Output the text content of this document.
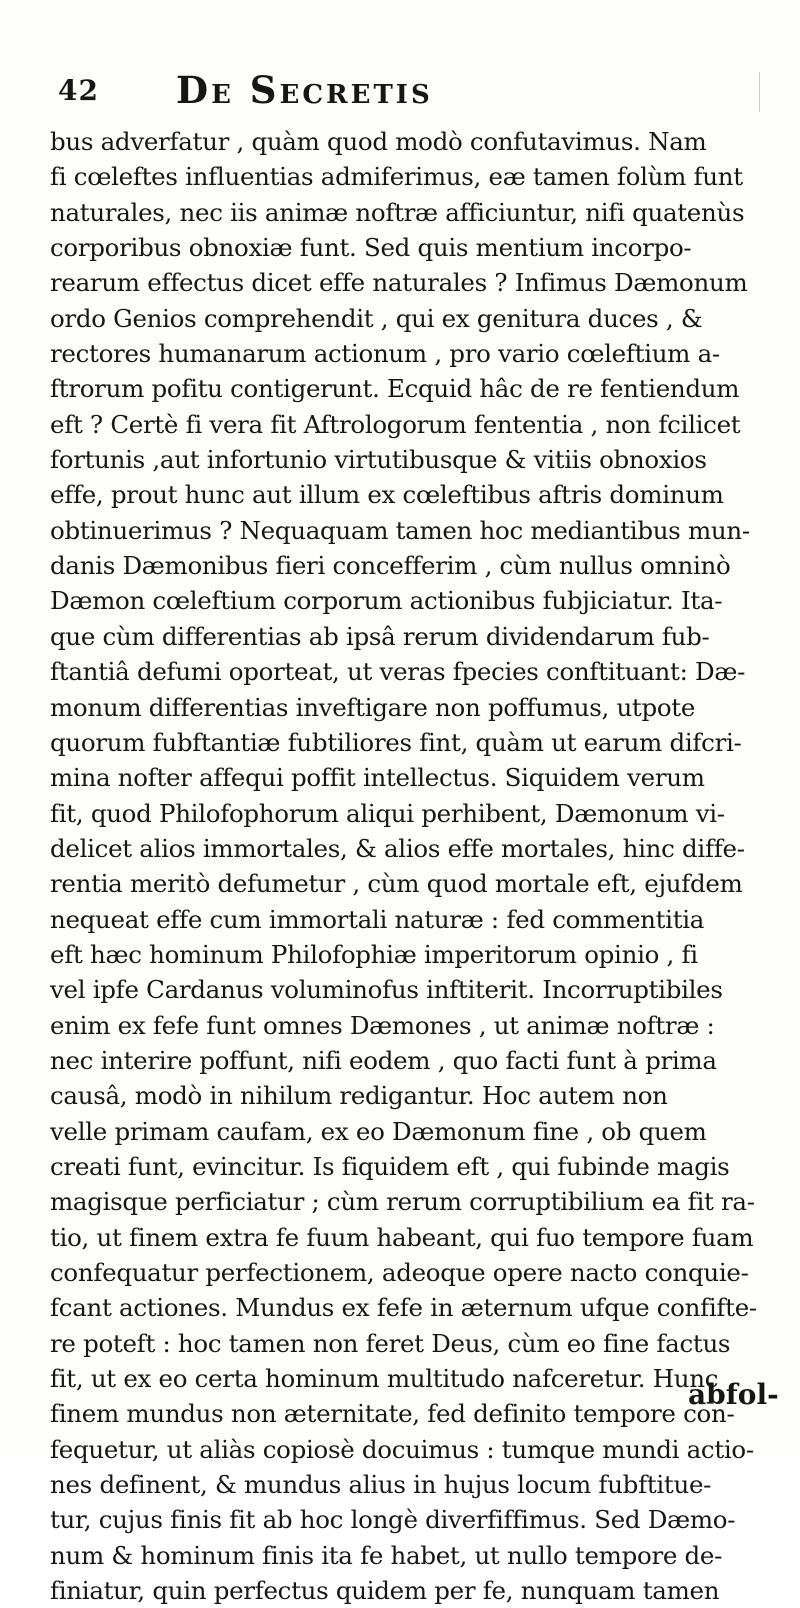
42 De Secretis
bus adverfatur , quàm quod modò confutavimus. Nam
fi cœleftes influentias admiferimus, eæ tamen folùm funt
naturales, nec iis animæ noftræ afficiuntur, nifi quatenùs
corporibus obnoxiæ funt. Sed quis mentium incorpo-
rearum effectus dicet effe naturales ? Infimus Dæmonum
ordo Genios comprehendit , qui ex genitura duces , &
rectores humanarum actionum , pro vario cœleftium a-
ftrorum pofitu contigerunt. Ecquid hâc de re fentiendum
eft ? Certè fi vera fit Aftrologorum fententia , non fcilicet
fortunis ,aut infortunio virtutibusque & vitiis obnoxios
effe, prout hunc aut illum ex cœleftibus aftris dominum
obtinuerimus ? Nequaquam tamen hoc mediantibus mun-
danis Dæmonibus fieri concefferim , cùm nullus omninò
Dæmon cœleftium corporum actionibus fubjiciatur. Ita-
que cùm differentias ab ipsâ rerum dividendarum fub-
ftantiâ defumi oporteat, ut veras fpecies conftituant: Dæ-
monum differentias inveftigare non poffumus, utpote
quorum fubftantiæ fubtiliores fint, quàm ut earum difcri-
mina nofter affequi poffit intellectus. Siquidem verum
fit, quod Philofophorum aliqui perhibent, Dæmonum vi-
delicet alios immortales, & alios effe mortales, hinc diffe-
rentia meritò defumetur , cùm quod mortale eft, ejufdem
nequeat effe cum immortali naturæ : fed commentitia
eft hæc hominum Philofophiæ imperitorum opinio , fi
vel ipfe Cardanus voluminofus inftiterit. Incorruptibiles
enim ex fefe funt omnes Dæmones , ut animæ noftræ :
nec interire poffunt, nifi eodem , quo facti funt à prima
causâ, modò in nihilum redigantur. Hoc autem non
velle primam caufam, ex eo Dæmonum fine , ob quem
creati funt, evincitur. Is fiquidem eft , qui fubinde magis
magisque perficiatur ; cùm rerum corruptibilium ea fit ra-
tio, ut finem extra fe fuum habeant, qui fuo tempore fuam
confequatur perfectionem, adeoque opere nacto conquie-
fcant actiones. Mundus ex fefe in æternum ufque confifte-
re poteft : hoc tamen non feret Deus, cùm eo fine factus
fit, ut ex eo certa hominum multitudo nafceretur. Hunc
finem mundus non æternitate, fed definito tempore con-
fequetur, ut aliàs copiosè docuimus : tumque mundi actio-
nes definent, & mundus alius in hujus locum fubftitue-
tur, cujus finis fit ab hoc longè diverfiffimus. Sed Dæmo-
num & hominum finis ita fe habet, ut nullo tempore de-
finiatur, quin perfectus quidem per fe, nunquam tamen
abfol-
